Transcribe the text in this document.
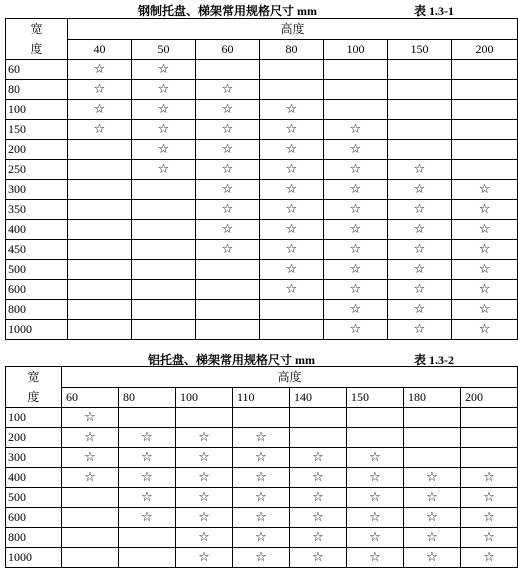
钢制托盘、梯架常用规格尺寸 mm	表 1.3-1
宽
度	高度						
	40	50	60	80	100	150	200
60	☆	☆					
80	☆	☆	☆				
100	☆	☆	☆	☆			
150	☆	☆	☆	☆	☆		
200		☆	☆	☆	☆		
250		☆	☆	☆	☆	☆	
300			☆	☆	☆	☆	☆
350			☆	☆	☆	☆	☆
400			☆	☆	☆	☆	☆
450			☆	☆	☆	☆	☆
500				☆	☆	☆	☆
600				☆	☆	☆	☆
800					☆	☆	☆
1000					☆	☆	☆
铝托盘、梯架常用规格尺寸 mm	表 1.3-2
宽
度	高度							
	60	80	100	110	140	150	180	200
100	☆							
200	☆	☆	☆	☆				
300	☆	☆	☆	☆	☆	☆		
400	☆	☆	☆	☆	☆	☆	☆	☆
500		☆	☆	☆	☆	☆	☆	☆
600		☆	☆	☆	☆	☆	☆	☆
800			☆	☆	☆	☆	☆	☆
1000			☆	☆	☆	☆	☆	☆
